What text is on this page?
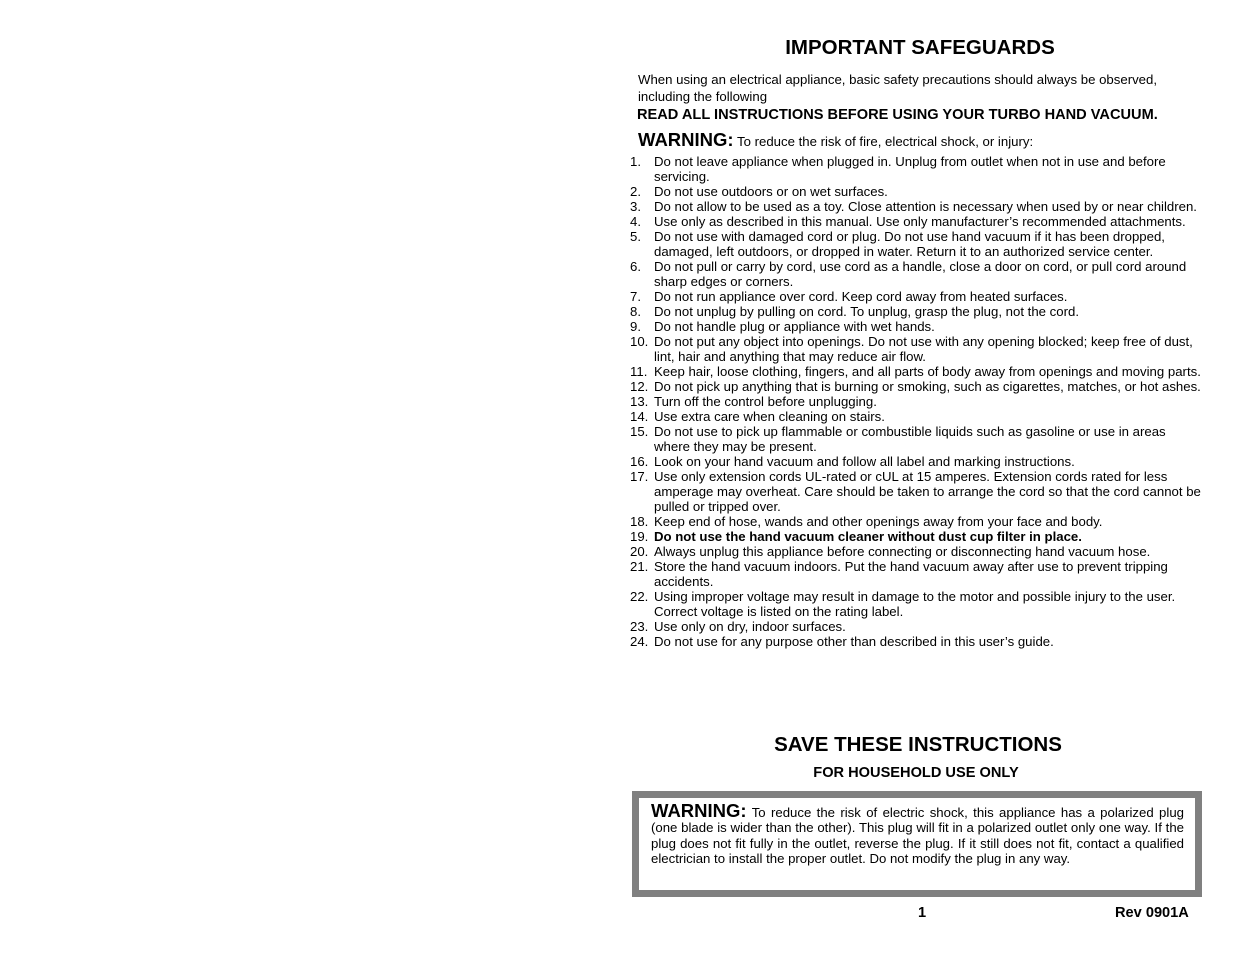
IMPORTANT SAFEGUARDS

When using an electrical appliance, basic safety precautions should always be observed, including the following

READ ALL INSTRUCTIONS BEFORE USING YOUR TURBO HAND VACUUM.

WARNING: To reduce the risk of fire, electrical shock, or injury:

1. Do not leave appliance when plugged in. Unplug from outlet when not in use and before servicing.
2. Do not use outdoors or on wet surfaces.
3. Do not allow to be used as a toy. Close attention is necessary when used by or near children.
4. Use only as described in this manual. Use only manufacturer’s recommended attachments.
5. Do not use with damaged cord or plug. Do not use hand vacuum if it has been dropped, damaged, left outdoors, or dropped in water. Return it to an authorized service center.
6. Do not pull or carry by cord, use cord as a handle, close a door on cord, or pull cord around sharp edges or corners.
7. Do not run appliance over cord. Keep cord away from heated surfaces.
8. Do not unplug by pulling on cord. To unplug, grasp the plug, not the cord.
9. Do not handle plug or appliance with wet hands.
10. Do not put any object into openings. Do not use with any opening blocked; keep free of dust, lint, hair and anything that may reduce air flow.
11. Keep hair, loose clothing, fingers, and all parts of body away from openings and moving parts.
12. Do not pick up anything that is burning or smoking, such as cigarettes, matches, or hot ashes.
13. Turn off the control before unplugging.
14. Use extra care when cleaning on stairs.
15. Do not use to pick up flammable or combustible liquids such as gasoline or use in areas where they may be present.
16. Look on your hand vacuum and follow all label and marking instructions.
17. Use only extension cords UL-rated or cUL at 15 amperes. Extension cords rated for less amperage may overheat. Care should be taken to arrange the cord so that the cord cannot be pulled or tripped over.
18. Keep end of hose, wands and other openings away from your face and body.
19. Do not use the hand vacuum cleaner without dust cup filter in place.
20. Always unplug this appliance before connecting or disconnecting hand vacuum hose.
21. Store the hand vacuum indoors. Put the hand vacuum away after use to prevent tripping accidents.
22. Using improper voltage may result in damage to the motor and possible injury to the user. Correct voltage is listed on the rating label.
23. Use only on dry, indoor surfaces.
24. Do not use for any purpose other than described in this user’s guide.
SAVE THESE INSTRUCTIONS

FOR HOUSEHOLD USE ONLY

WARNING: To reduce the risk of electric shock, this appliance has a polarized plug (one blade is wider than the other). This plug will fit in a polarized outlet only one way. If the plug does not fit fully in the outlet, reverse the plug. If it still does not fit, contact a qualified electrician to install the proper outlet. Do not modify the plug in any way.

1	Rev 0901A
